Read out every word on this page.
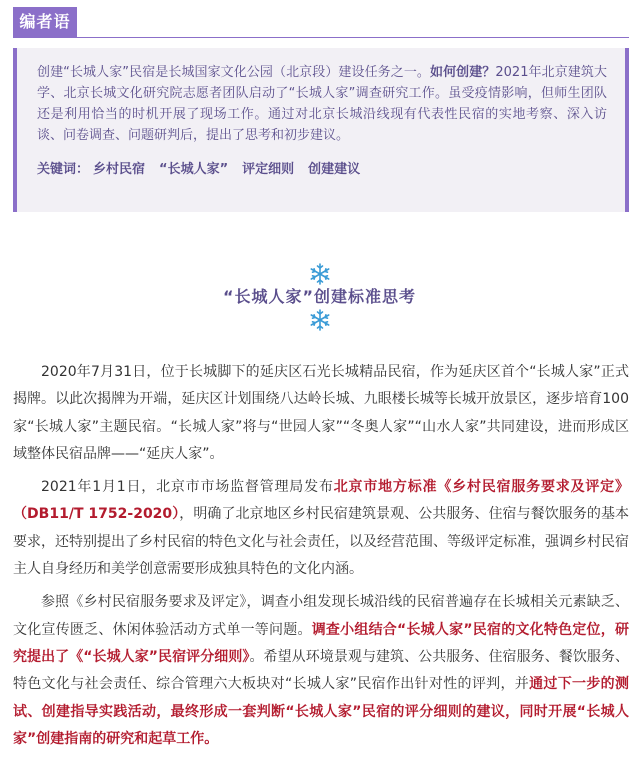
编者语

创建“长城人家”民宿是长城国家文化公园（北京段）建设任务之一。如何创建？2021年北京建筑大学、北京长城文化研究院志愿者团队启动了“长城人家”调查研究工作。虽受疫情影响，但师生团队还是利用恰当的时机开展了现场工作。通过对北京长城沿线现有代表性民宿的实地考察、深入访谈、问卷调查、问题研判后，提出了思考和初步建议。

关键词： 乡村民宿 “长城人家” 评定细则 创建建议
“长城人家”创建标准思考

2020年7月31日，位于长城脚下的延庆区石光长城精品民宿，作为延庆区首个“长城人家”正式揭牌。以此次揭牌为开端，延庆区计划围绕八达岭长城、九眼楼长城等长城开放景区，逐步培育100家“长城人家”主题民宿。“长城人家”将与“世园人家”“冬奥人家”“山水人家”共同建设，进而形成区域整体民宿品牌——“延庆人家”。

2021年1月1日，北京市市场监督管理局发布北京市地方标准《乡村民宿服务要求及评定》（DB11/T 1752-2020），明确了北京地区乡村民宿建筑景观、公共服务、住宿与餐饮服务的基本要求，还特别提出了乡村民宿的特色文化与社会责任，以及经营范围、等级评定标准，强调乡村民宿主人自身经历和美学创意需要形成独具特色的文化内涵。

参照《乡村民宿服务要求及评定》，调查小组发现长城沿线的民宿普遍存在长城相关元素缺乏、文化宣传匮乏、休闲体验活动方式单一等问题。调查小组结合“长城人家”民宿的文化特色定位，研究提出了《“长城人家”民宿评分细则》。希望从环境景观与建筑、公共服务、住宿服务、餐饮服务、特色文化与社会责任、综合管理六大板块对“长城人家”民宿作出针对性的评判，并通过下一步的测试、创建指导实践活动，最终形成一套判断“长城人家”民宿的评分细则的建议，同时开展“长城人家”创建指南的研究和起草工作。
